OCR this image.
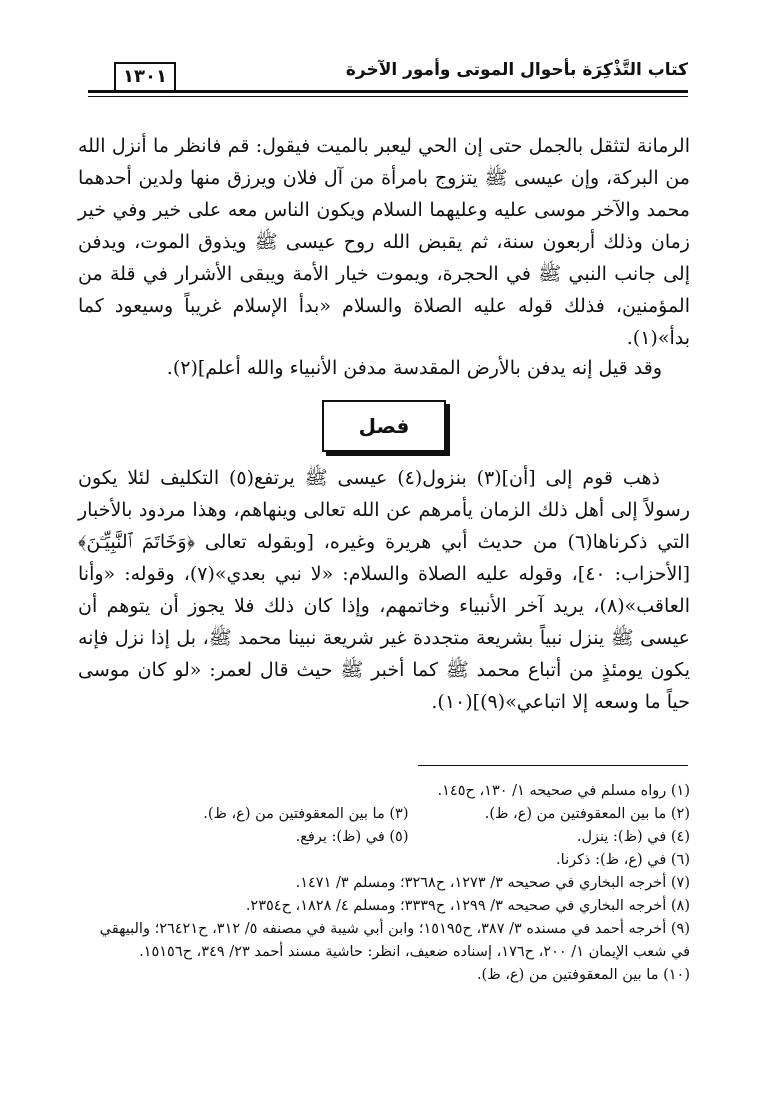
كتاب التَّذْكِرَة بأحوال الموتى وأمور الآخرة
١٣٠١

الرمانة لتثقل بالجمل حتى إن الحي ليعبر بالميت فيقول: قم فانظر ما أنزل الله من البركة، وإن عيسى ﷺ يتزوج بامرأة من آل فلان ويرزق منها ولدين أحدهما محمد والآخر موسى عليه وعليهما السلام ويكون الناس معه على خير وفي خير زمان وذلك أربعون سنة، ثم يقبض الله روح عيسى ﷺ ويذوق الموت، ويدفن إلى جانب النبي ﷺ في الحجرة، ويموت خيار الأمة ويبقى الأشرار في قلة من المؤمنين، فذلك قوله عليه الصلاة والسلام «بدأ الإسلام غريباً وسيعود كما بدأ»(١).

وقد قيل إنه يدفن بالأرض المقدسة مدفن الأنبياء والله أعلم](٢).

فصل

ذهب قوم إلى [أن](٣) بنزول(٤) عيسى ﷺ يرتفع(٥) التكليف لئلا يكون رسولاً إلى أهل ذلك الزمان يأمرهم عن الله تعالى وينهاهم، وهذا مردود بالأخبار التي ذكرناها(٦) من حديث أبي هريرة وغيره، [وبقوله تعالى ﴿وَخَاتَمَ ٱلنَّبِيِّـۧنَ﴾ [الأحزاب: ٤٠]، وقوله عليه الصلاة والسلام: «لا نبي بعدي»(٧)، وقوله: «وأنا العاقب»(٨)، يريد آخر الأنبياء وخاتمهم، وإذا كان ذلك فلا يجوز أن يتوهم أن عيسى ﷺ ينزل نبياً بشريعة متجددة غير شريعة نبينا محمد ﷺ، بل إذا نزل فإنه يكون يومئذٍ من أتباع محمد ﷺ كما أخبر ﷺ حيث قال لعمر: «لو كان موسى حياً ما وسعه إلا اتباعي»(٩)](١٠).

(١) رواه مسلم في صحيحه ١/ ١٣٠، ح١٤٥.

(٢) ما بين المعقوفتين من (ع، ظ).

(٣) ما بين المعقوفتين من (ع، ظ).

(٤) في (ظ): ينزل.

(٥) في (ظ): يرفع.

(٦) في (ع، ظ): ذكرنا.

(٧) أخرجه البخاري في صحيحه ٣/ ١٢٧٣، ح٣٢٦٨؛ ومسلم ٣/ ١٤٧١.

(٨) أخرجه البخاري في صحيحه ٣/ ١٢٩٩، ح٣٣٣٩؛ ومسلم ٤/ ١٨٢٨، ح٢٣٥٤.

(٩) أخرجه أحمد في مسنده ٣/ ٣٨٧، ح١٥١٩٥؛ وابن أبي شيبة في مصنفه ٥/ ٣١٢، ح٢٦٤٢١؛ والبيهقي في شعب الإيمان ١/ ٢٠٠، ح١٧٦، إسناده ضعيف، انظر: حاشية مسند أحمد ٢٣/ ٣٤٩، ح١٥١٥٦.

(١٠) ما بين المعقوفتين من (ع، ظ).
